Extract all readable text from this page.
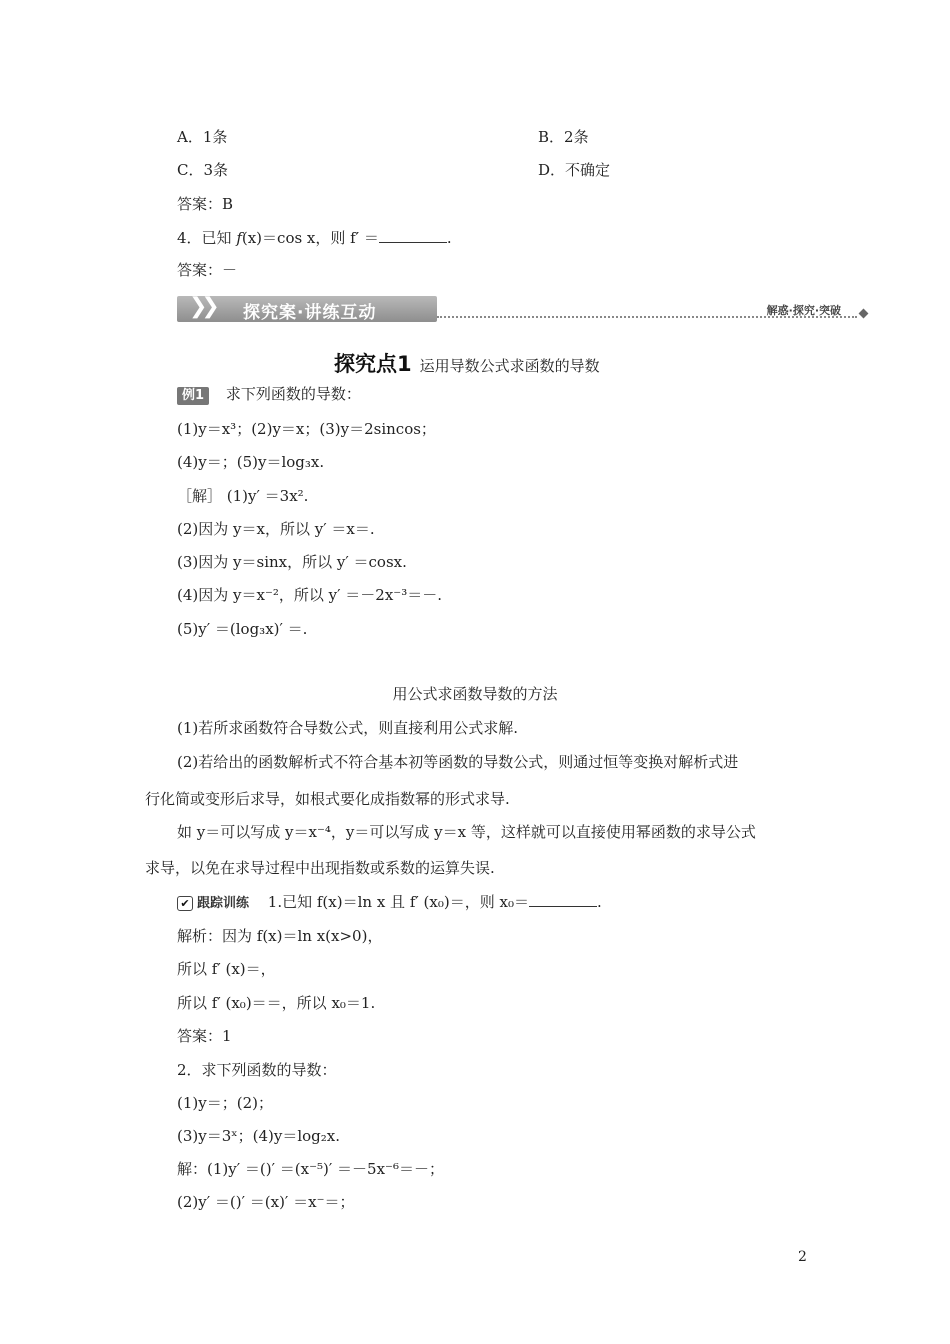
A．1条	B．2条
C．3条	D．不确定
答案：B
4．已知 f(x)＝cos x，则 f′ ＝	.
答案：－
❯❯ 探究案·讲练互动	解惑·探究·突破
探究点1 运用导数公式求函数的导数
例1 求下列函数的导数：
(1)y＝x³；(2)y＝x；(3)y＝2sincos；
(4)y＝；(5)y＝log₃x.
［解］ (1)y′ ＝3x².
(2)因为 y＝x，所以 y′ ＝x＝.
(3)因为 y＝sinx，所以 y′ ＝cosx.
(4)因为 y＝x⁻²，所以 y′ ＝－2x⁻³＝－.
(5)y′ ＝(log₃x)′ ＝.
用公式求函数导数的方法
(1)若所求函数符合导数公式，则直接利用公式求解.
(2)若给出的函数解析式不符合基本初等函数的导数公式，则通过恒等变换对解析式进
行化简或变形后求导，如根式要化成指数幂的形式求导.
如 y＝可以写成 y＝x⁻⁴，y＝可以写成 y＝x 等，这样就可以直接使用幂函数的求导公式
求导，以免在求导过程中出现指数或系数的运算失误.
✔ 跟踪训练 1.已知 f(x)＝ln x 且 f′ (x₀)＝，则 x₀＝	.
解析：因为 f(x)＝ln x(x>0)，
所以 f′ (x)＝，
所以 f′ (x₀)＝＝，所以 x₀＝1.
答案：1
2．求下列函数的导数：
(1)y＝；(2)；
(3)y＝3ˣ；(4)y＝log₂x.
解：(1)y′ ＝()′ ＝(x⁻⁵)′ ＝－5x⁻⁶＝－；
(2)y′ ＝()′ ＝(x)′ ＝x⁻＝；
2
